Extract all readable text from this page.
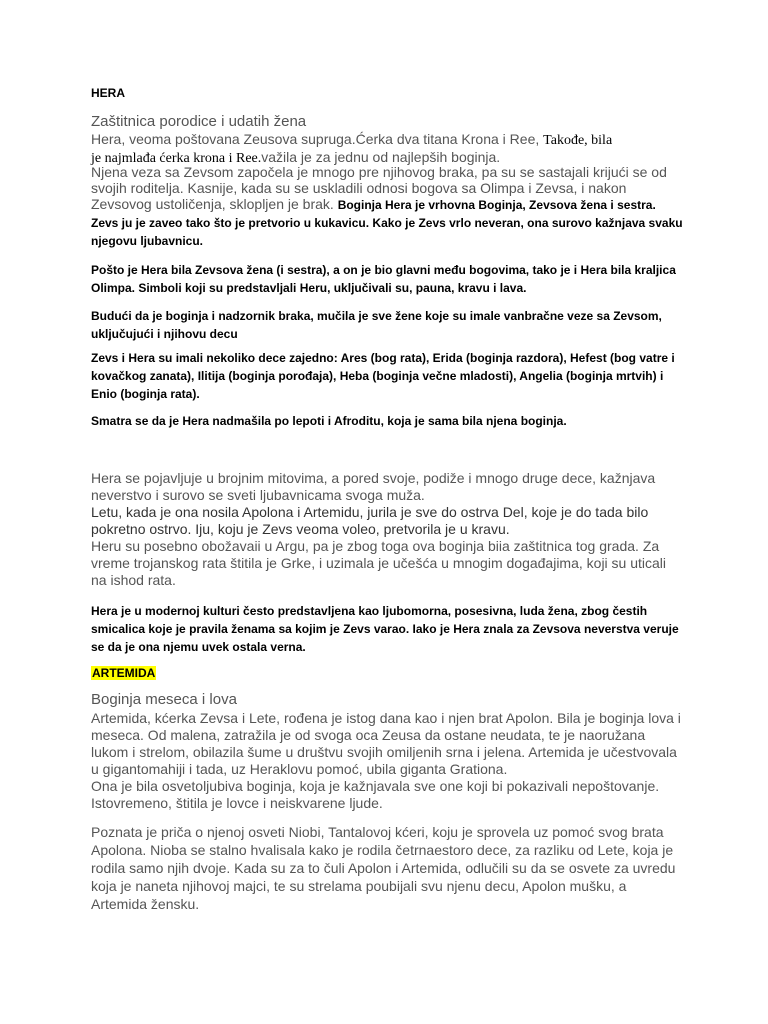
HERA
Zaštitnica porodice i udatih žena
Hera, veoma poštovana Zeusova supruga.Ćerka dva titana Krona i Ree, Takođe, bila
je najmlađa ćerka krona i Ree.važila je za jednu od najlepših boginja.
Njena veza sa Zevsom započela je mnogo pre njihovog braka, pa su se sastajali krijući se od svojih roditelja. Kasnije, kada su se uskladili odnosi bogova sa Olimpa i Zevsa, i nakon Zevsovog ustoličenja, sklopljen je brak. Boginja Hera je vrhovna Boginja, Zevsova žena i sestra. Zevs ju je zaveo tako što je pretvorio u kukavicu. Kako je Zevs vrlo neveran, ona surovo kažnjava svaku njegovu ljubavnicu.
Pošto je Hera bila Zevsova žena (i sestra), a on je bio glavni među bogovima, tako je i Hera bila kraljica Olimpa. Simboli koji su predstavljali Heru, uključivali su, pauna, kravu i lava.
Budući da je boginja i nadzornik braka, mučila je sve žene koje su imale vanbračne veze sa Zevsom, uključujući i njihovu decu
Zevs i Hera su imali nekoliko dece zajedno: Ares (bog rata), Erida (boginja razdora), Hefest (bog vatre i kovačkog zanata), Ilitija (boginja porođaja), Heba (boginja večne mladosti), Angelia (boginja mrtvih) i Enio (boginja rata).
Smatra se da je Hera nadmašila po lepoti i Afroditu, koja je sama bila njena boginja.
Hera se pojavljuje u brojnim mitovima, a pored svoje, podiže i mnogo druge dece, kažnjava neverstvo i surovo se sveti ljubavnicama svoga muža.
Letu, kada je ona nosila Apolona i Artemidu, jurila je sve do ostrva Del, koje je do tada bilo pokretno ostrvo. Iju, koju je Zevs veoma voleo, pretvorila je u kravu.
Heru su posebno obožavaii u Argu, pa je zbog toga ova boginja biia zaštitnica tog grada. Za vreme trojanskog rata štitila je Grke, i uzimala je učešća u mnogim događajima, koji su uticali na ishod rata.
Hera je u modernoj kulturi često predstavljena kao ljubomorna, posesivna, luda žena, zbog čestih smicalica koje je pravila ženama sa kojim je Zevs varao. Iako je Hera znala za Zevsova neverstva veruje se da je ona njemu uvek ostala verna.
ARTEMIDA
Boginja meseca i lova
Artemida, kćerka Zevsa i Lete, rođena je istog dana kao i njen brat Apolon. Bila je boginja lova i meseca. Od malena, zatražila je od svoga oca Zeusa da ostane neudata, te je naoružana lukom i strelom, obilazila šume u društvu svojih omiljenih srna i jelena. Artemida je učestvovala u gigantomahiji i tada, uz Heraklovu pomoć, ubila giganta Grationa.
Ona je bila osvetoljubiva boginja, koja je kažnjavala sve one koji bi pokazivali nepoštovanje. Istovremeno, štitila je lovce i neiskvarene ljude.
Poznata je priča o njenoj osveti Niobi, Tantalovoj kćeri, koju je sprovela uz pomoć svog brata Apolona. Nioba se stalno hvalisala kako je rodila četrnaestoro dece, za razliku od Lete, koja je rodila samo njih dvoje. Kada su za to čuli Apolon i Artemida, odlučili su da se osvete za uvredu koja je naneta njihovoj majci, te su strelama poubijali svu njenu decu, Apolon mušku, a Artemida žensku.
